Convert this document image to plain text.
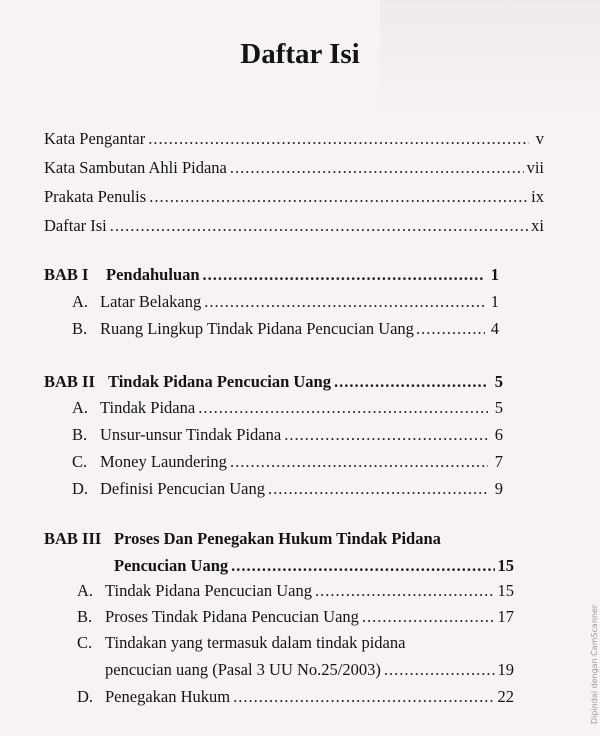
Daftar Isi
Kata Pengantar .....	v
Kata Sambutan Ahli Pidana .....	vii
Prakata Penulis .....	ix
Daftar Isi .....	xi
BAB I Pendahuluan .....	1
A. Latar Belakang .....	1
B. Ruang Lingkup Tindak Pidana Pencucian Uang .....	4
BAB II Tindak Pidana Pencucian Uang .....	5
A. Tindak Pidana .....	5
B. Unsur-unsur Tindak Pidana .....	6
C. Money Laundering .....	7
D. Definisi Pencucian Uang .....	9
BAB III Proses Dan Penegakan Hukum Tindak Pidana
Pencucian Uang .....	15
A. Tindak Pidana Pencucian Uang .....	15
B. Proses Tindak Pidana Pencucian Uang .....	17
C. Tindakan yang termasuk dalam tindak pidana
pencucian uang (Pasal 3 UU No.25/2003) .....	19
D. Penegakan Hukum .....	22	Dipindai dengan CamScanner
